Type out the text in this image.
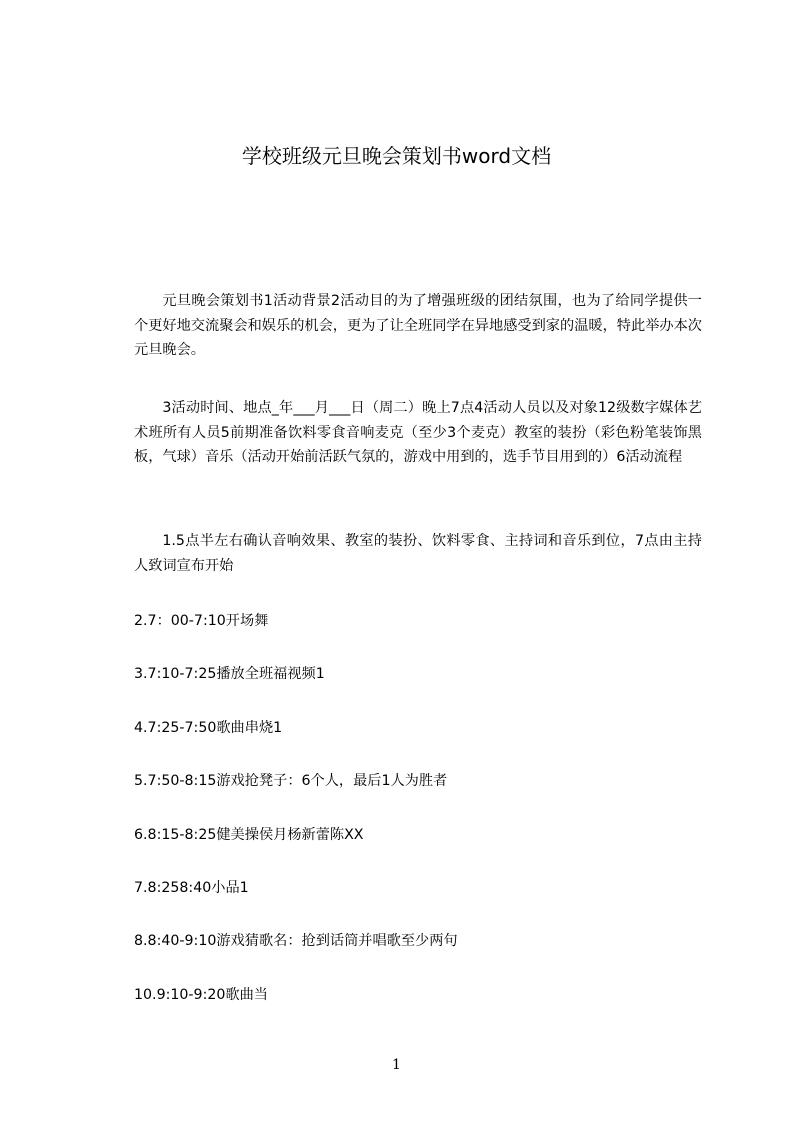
学校班级元旦晚会策划书word文档
元旦晚会策划书1活动背景2活动目的为了增强班级的团结氛围，也为了给同学提供一个更好地交流聚会和娱乐的机会，更为了让全班同学在异地感受到家的温暖，特此举办本次元旦晚会。
3活动时间、地点_年___月___日（周二）晚上7点4活动人员以及对象12级数字媒体艺术班所有人员5前期准备饮料零食音响麦克（至少3个麦克）教室的装扮（彩色粉笔装饰黑板，气球）音乐（活动开始前活跃气氛的，游戏中用到的，选手节目用到的）6活动流程
1.5点半左右确认音响效果、教室的装扮、饮料零食、主持词和音乐到位，7点由主持人致词宣布开始
2.7：00-7:10开场舞
3.7:10-7:25播放全班福视频1
4.7:25-7:50歌曲串烧1
5.7:50-8:15游戏抢凳子：6个人，最后1人为胜者
6.8:15-8:25健美操侯月杨新蕾陈XX
7.8:258:40小品1
8.8:40-9:10游戏猜歌名：抢到话筒并唱歌至少两句
10.9:10-9:20歌曲当
1
